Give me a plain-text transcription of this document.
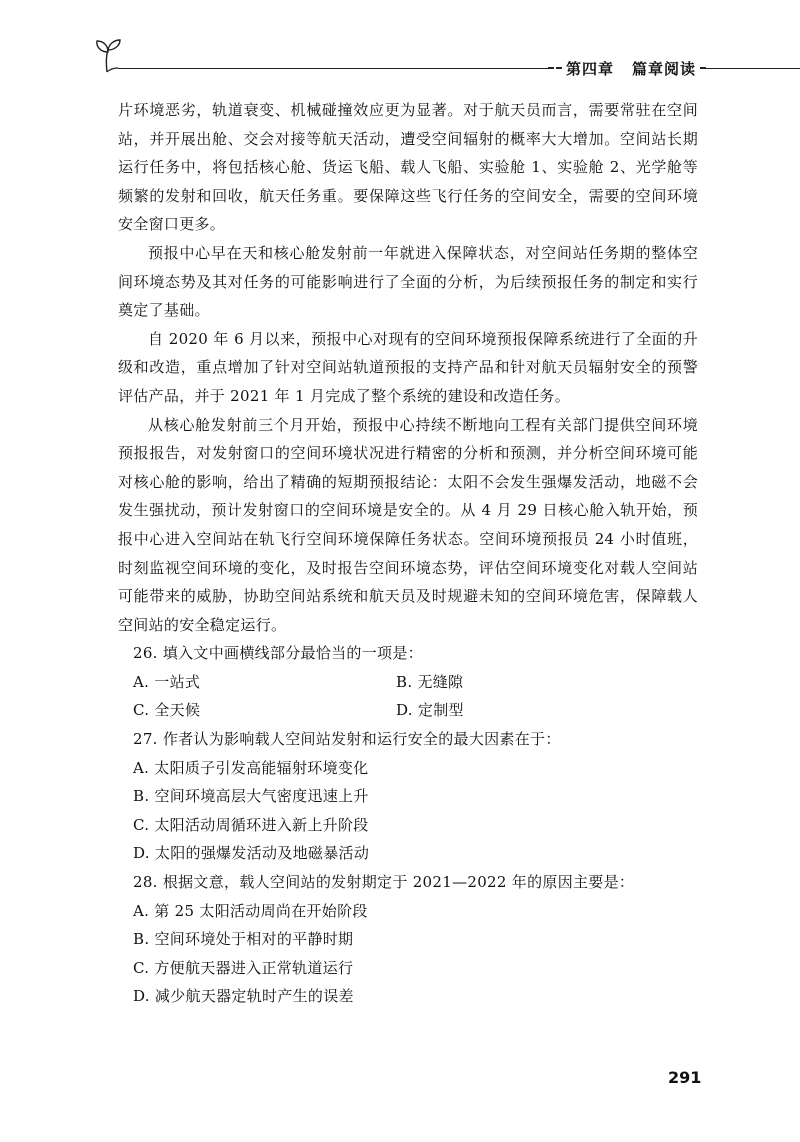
第四章 篇章阅读

片环境恶劣，轨道衰变、机械碰撞效应更为显著。对于航天员而言，需要常驻在空间站，并开展出舱、交会对接等航天活动，遭受空间辐射的概率大大增加。空间站长期运行任务中，将包括核心舱、货运飞船、载人飞船、实验舱 1、实验舱 2、光学舱等频繁的发射和回收，航天任务重。要保障这些飞行任务的空间安全，需要的空间环境安全窗口更多。

预报中心早在天和核心舱发射前一年就进入保障状态，对空间站任务期的整体空间环境态势及其对任务的可能影响进行了全面的分析，为后续预报任务的制定和实行奠定了基础。

自 2020 年 6 月以来，预报中心对现有的空间环境预报保障系统进行了全面的升级和改造，重点增加了针对空间站轨道预报的支持产品和针对航天员辐射安全的预警评估产品，并于 2021 年 1 月完成了整个系统的建设和改造任务。

从核心舱发射前三个月开始，预报中心持续不断地向工程有关部门提供空间环境预报报告，对发射窗口的空间环境状况进行精密的分析和预测，并分析空间环境可能对核心舱的影响，给出了精确的短期预报结论：太阳不会发生强爆发活动，地磁不会发生强扰动，预计发射窗口的空间环境是安全的。从 4 月 29 日核心舱入轨开始，预报中心进入空间站在轨飞行空间环境保障任务状态。空间环境预报员 24 小时值班，时刻监视空间环境的变化，及时报告空间环境态势，评估空间环境变化对载人空间站可能带来的威胁，协助空间站系统和航天员及时规避未知的空间环境危害，保障载人空间站的安全稳定运行。

26. 填入文中画横线部分最恰当的一项是：

A. 一站式	B. 无缝隙
C. 全天候	D. 定制型

27. 作者认为影响载人空间站发射和运行安全的最大因素在于：

A. 太阳质子引发高能辐射环境变化

B. 空间环境高层大气密度迅速上升

C. 太阳活动周循环进入新上升阶段

D. 太阳的强爆发活动及地磁暴活动

28. 根据文意，载人空间站的发射期定于 2021—2022 年的原因主要是：

A. 第 25 太阳活动周尚在开始阶段

B. 空间环境处于相对的平静时期

C. 方便航天器进入正常轨道运行

D. 减少航天器定轨时产生的误差

291
